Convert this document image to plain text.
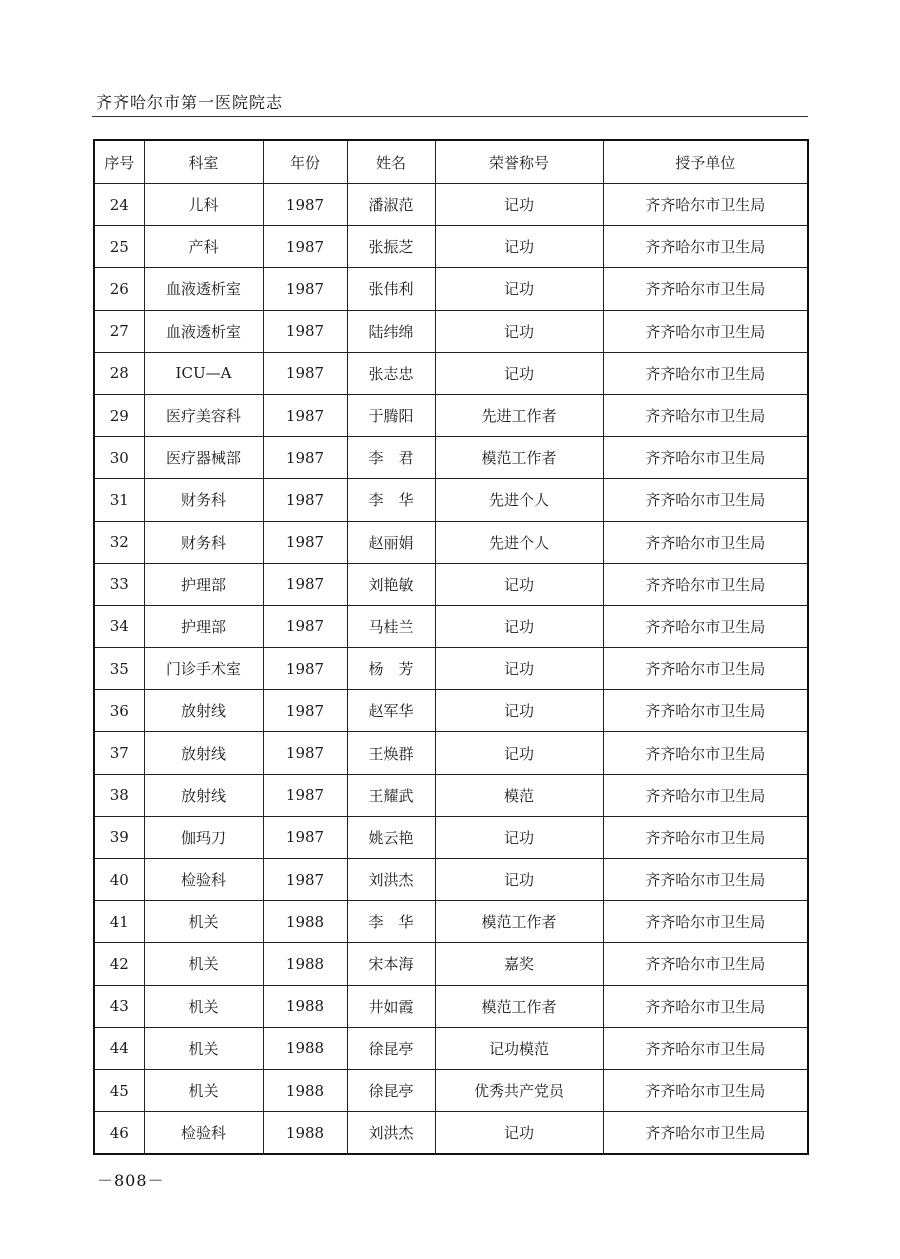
齐齐哈尔市第一医院院志
序号	科室	年份	姓名	荣誉称号	授予单位
24	儿科	1987	潘淑范	记功	齐齐哈尔市卫生局
25	产科	1987	张振芝	记功	齐齐哈尔市卫生局
26	血液透析室	1987	张伟利	记功	齐齐哈尔市卫生局
27	血液透析室	1987	陆纬绵	记功	齐齐哈尔市卫生局
28	ICU—A	1987	张志忠	记功	齐齐哈尔市卫生局
29	医疗美容科	1987	于腾阳	先进工作者	齐齐哈尔市卫生局
30	医疗器械部	1987	李　君	模范工作者	齐齐哈尔市卫生局
31	财务科	1987	李　华	先进个人	齐齐哈尔市卫生局
32	财务科	1987	赵丽娟	先进个人	齐齐哈尔市卫生局
33	护理部	1987	刘艳敏	记功	齐齐哈尔市卫生局
34	护理部	1987	马桂兰	记功	齐齐哈尔市卫生局
35	门诊手术室	1987	杨　芳	记功	齐齐哈尔市卫生局
36	放射线	1987	赵军华	记功	齐齐哈尔市卫生局
37	放射线	1987	王焕群	记功	齐齐哈尔市卫生局
38	放射线	1987	王耀武	模范	齐齐哈尔市卫生局
39	伽玛刀	1987	姚云艳	记功	齐齐哈尔市卫生局
40	检验科	1987	刘洪杰	记功	齐齐哈尔市卫生局
41	机关	1988	李　华	模范工作者	齐齐哈尔市卫生局
42	机关	1988	宋本海	嘉奖	齐齐哈尔市卫生局
43	机关	1988	井如霞	模范工作者	齐齐哈尔市卫生局
44	机关	1988	徐昆亭	记功模范	齐齐哈尔市卫生局
45	机关	1988	徐昆亭	优秀共产党员	齐齐哈尔市卫生局
46	检验科	1988	刘洪杰	记功	齐齐哈尔市卫生局
－808－
